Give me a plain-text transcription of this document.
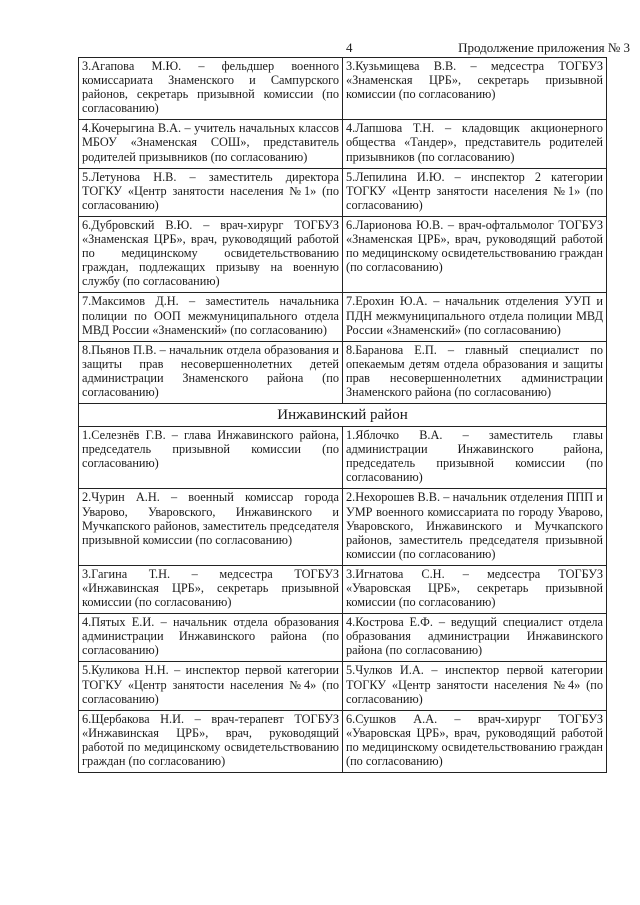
4	Продолжение приложения № 3
3.Агапова М.Ю. – фельдшер военного комиссариата Знаменского и Сампурского районов, секретарь призывной комиссии (по согласованию)	3.Кузьмищева В.В. – медсестра ТОГБУЗ «Знаменская ЦРБ», секретарь призывной комиссии (по согласованию)

4.Кочерыгина В.А. – учитель начальных классов МБОУ «Знаменская СОШ», представитель родителей призывников (по согласованию)	4.Лапшова Т.Н. – кладовщик акционерного общества «Тандер», представитель родителей призывников (по согласованию)

5.Летунова Н.В. – заместитель директора ТОГКУ «Центр занятости населения №1» (по согласованию)	5.Лепилина И.Ю. – инспектор 2 категории ТОГКУ «Центр занятости населения №1» (по согласованию)

6.Дубровский В.Ю. – врач-хирург ТОГБУЗ «Знаменская ЦРБ», врач, руководящий работой по медицинскому освидетельствованию граждан, подлежащих призыву на военную службу (по согласованию)	6.Ларионова Ю.В. – врач-офтальмолог ТОГБУЗ «Знаменская ЦРБ», врач, руководящий работой по медицинскому освидетельствованию граждан (по согласованию)

7.Максимов Д.Н. – заместитель начальника полиции по ООП межмуниципального отдела МВД России «Знаменский» (по согласованию)	7.Ерохин Ю.А. – начальник отделения УУП и ПДН межмуниципального отдела полиции МВД России «Знаменский» (по согласованию)

8.Пьянов П.В. – начальник отдела образования и защиты прав несовершеннолетних детей администрации Знаменского района (по согласованию)	8.Баранова Е.П. – главный специалист по опекаемым детям отдела образования и защиты прав несовершеннолетних администрации Знаменского района (по согласованию)

Инжавинский район	

1.Селезнёв Г.В. – глава Инжавинского района, председатель призывной комиссии (по согласованию)	1.Яблочко В.А. – заместитель главы администрации Инжавинского района, председатель призывной комиссии (по согласованию)

2.Чурин А.Н. – военный комиссар города Уварово, Уваровского, Инжавинского и Мучкапского районов, заместитель председателя призывной комиссии (по согласованию)	2.Нехорошев В.В. – начальник отделения ППП и УМР военного комиссариата по городу Уварово, Уваровского, Инжавинского и Мучкапского районов, заместитель председателя призывной комиссии (по согласованию)

3.Гагина Т.Н. – медсестра ТОГБУЗ «Инжавинская ЦРБ», секретарь призывной комиссии (по согласованию)	3.Игнатова С.Н. – медсестра ТОГБУЗ «Уваровская ЦРБ», секретарь призывной комиссии (по согласованию)

4.Пятых Е.И. – начальник отдела образования администрации Инжавинского района (по согласованию)	4.Кострова Е.Ф. – ведущий специалист отдела образования администрации Инжавинского района (по согласованию)

5.Куликова Н.Н. – инспектор первой категории ТОГКУ «Центр занятости населения №4» (по согласованию)	5.Чулков И.А. – инспектор первой категории ТОГКУ «Центр занятости населения №4» (по согласованию)

6.Щербакова Н.И. – врач-терапевт ТОГБУЗ «Инжавинская ЦРБ», врач, руководящий работой по медицинскому освидетельствованию граждан (по согласованию)	6.Сушков А.А. – врач-хирург ТОГБУЗ «Уваровская ЦРБ», врач, руководящий работой по медицинскому освидетельствованию граждан (по согласованию)
